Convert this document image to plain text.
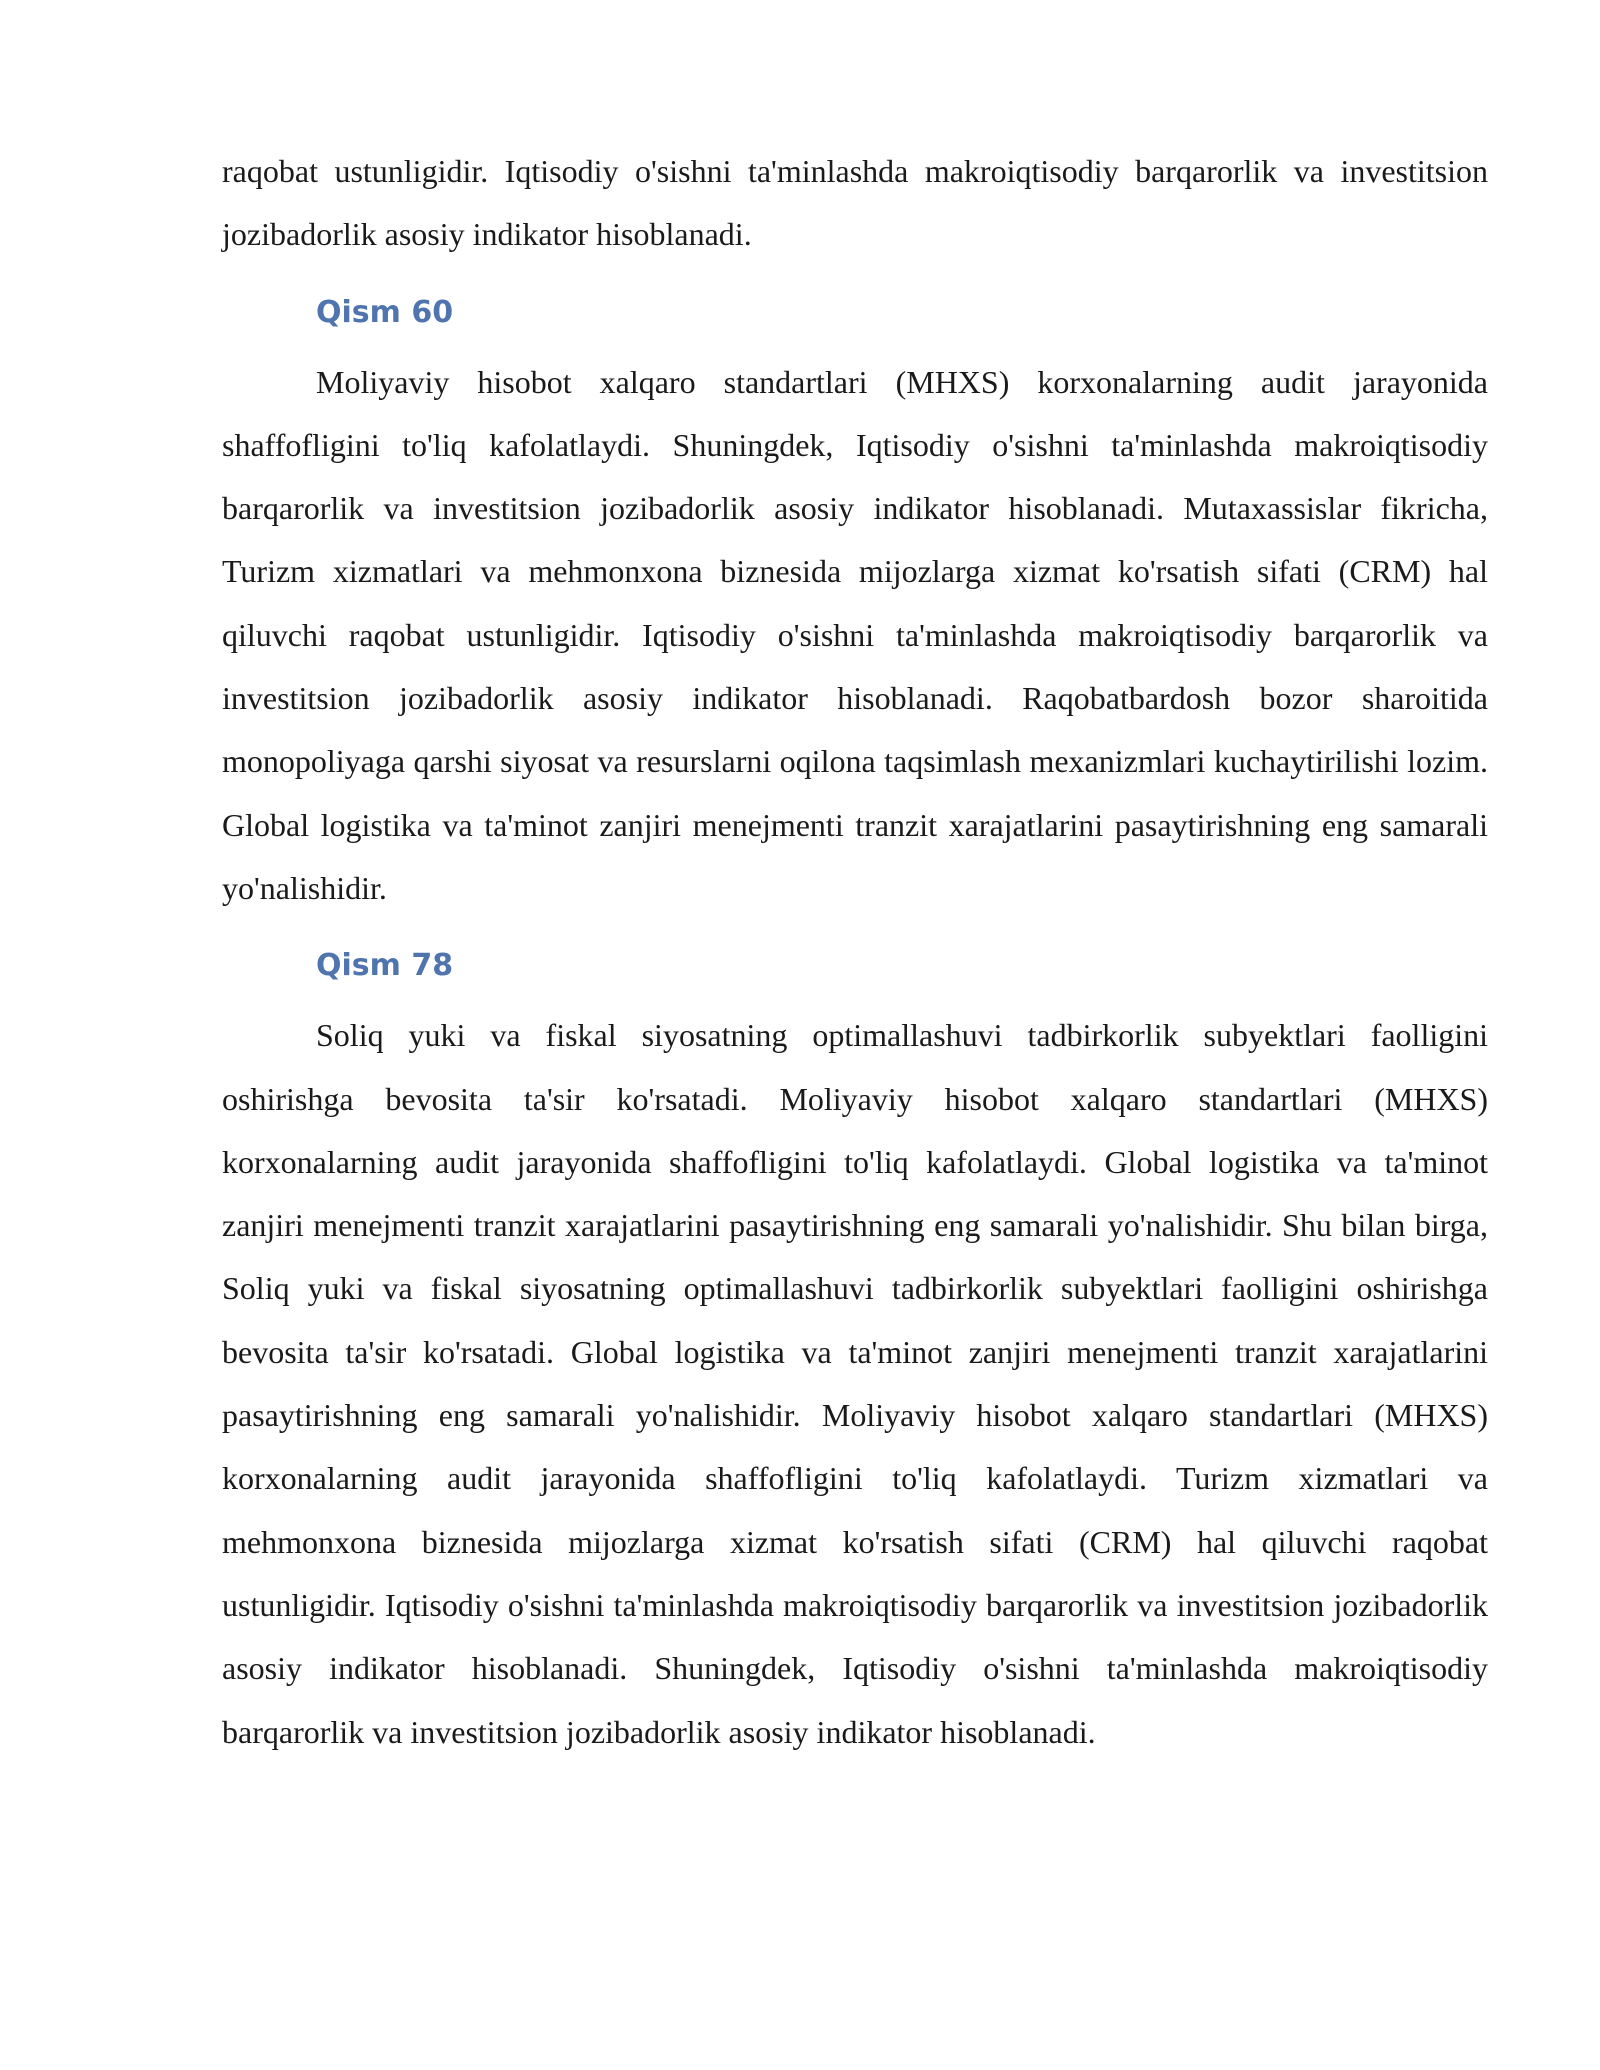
raqobat ustunligidir. Iqtisodiy o'sishni ta'minlashda makroiqtisodiy barqarorlik va investitsion jozibadorlik asosiy indikator hisoblanadi.

Qism 60

Moliyaviy hisobot xalqaro standartlari (MHXS) korxonalarning audit jarayonida shaffofligini to'liq kafolatlaydi. Shuningdek, Iqtisodiy o'sishni ta'minlashda makroiqtisodiy barqarorlik va investitsion jozibadorlik asosiy indikator hisoblanadi. Mutaxassislar fikricha, Turizm xizmatlari va mehmonxona biznesida mijozlarga xizmat ko'rsatish sifati (CRM) hal qiluvchi raqobat ustunligidir. Iqtisodiy o'sishni ta'minlashda makroiqtisodiy barqarorlik va investitsion jozibadorlik asosiy indikator hisoblanadi. Raqobatbardosh bozor sharoitida monopoliyaga qarshi siyosat va resurslarni oqilona taqsimlash mexanizmlari kuchaytirilishi lozim. Global logistika va ta'minot zanjiri menejmenti tranzit xarajatlarini pasaytirishning eng samarali yo'nalishidir.

Qism 78

Soliq yuki va fiskal siyosatning optimallashuvi tadbirkorlik subyektlari faolligini oshirishga bevosita ta'sir ko'rsatadi. Moliyaviy hisobot xalqaro standartlari (MHXS) korxonalarning audit jarayonida shaffofligini to'liq kafolatlaydi. Global logistika va ta'minot zanjiri menejmenti tranzit xarajatlarini pasaytirishning eng samarali yo'nalishidir. Shu bilan birga, Soliq yuki va fiskal siyosatning optimallashuvi tadbirkorlik subyektlari faolligini oshirishga bevosita ta'sir ko'rsatadi. Global logistika va ta'minot zanjiri menejmenti tranzit xarajatlarini pasaytirishning eng samarali yo'nalishidir. Moliyaviy hisobot xalqaro standartlari (MHXS) korxonalarning audit jarayonida shaffofligini to'liq kafolatlaydi. Turizm xizmatlari va mehmonxona biznesida mijozlarga xizmat ko'rsatish sifati (CRM) hal qiluvchi raqobat ustunligidir. Iqtisodiy o'sishni ta'minlashda makroiqtisodiy barqarorlik va investitsion jozibadorlik asosiy indikator hisoblanadi. Shuningdek, Iqtisodiy o'sishni ta'minlashda makroiqtisodiy barqarorlik va investitsion jozibadorlik asosiy indikator hisoblanadi.
